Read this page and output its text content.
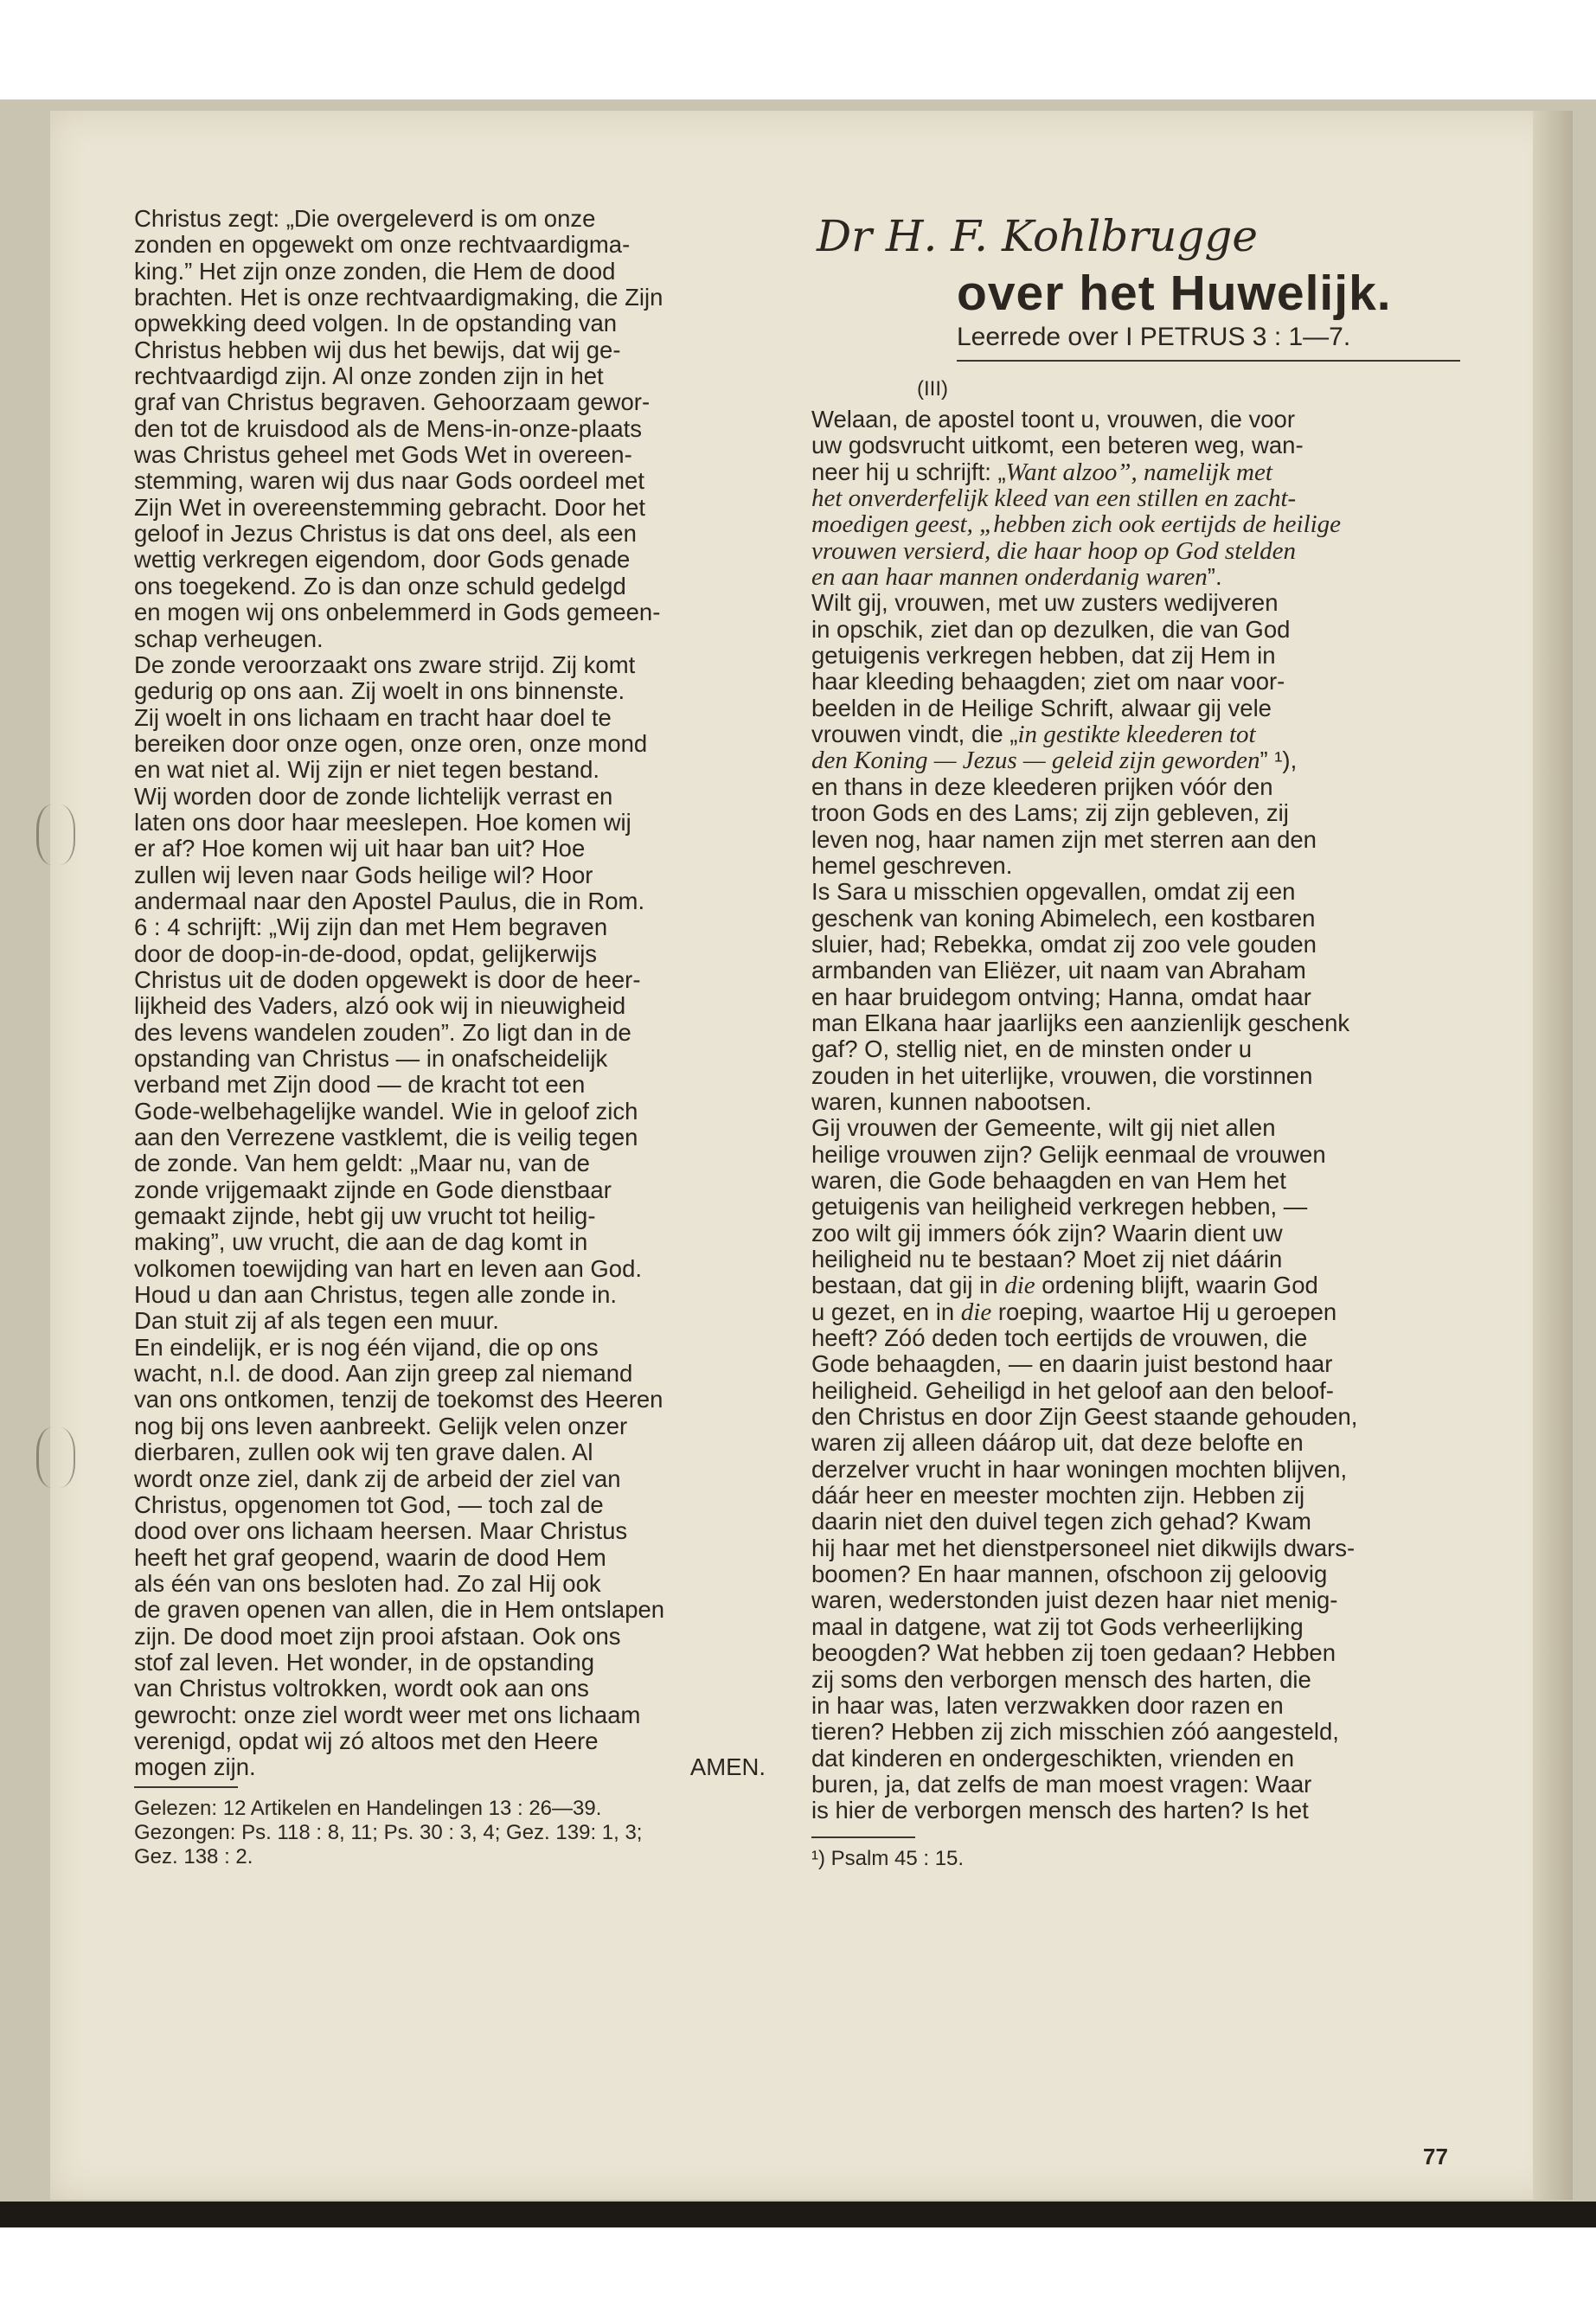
Christus zegt: „Die overgeleverd is om onze
zonden en opgewekt om onze rechtvaardigma-
king.” Het zijn onze zonden, die Hem de dood
brachten. Het is onze rechtvaardigmaking, die Zijn
opwekking deed volgen. In de opstanding van
Christus hebben wij dus het bewijs, dat wij ge-
rechtvaardigd zijn. Al onze zonden zijn in het
graf van Christus begraven. Gehoorzaam gewor-
den tot de kruisdood als de Mens-in-onze-plaats
was Christus geheel met Gods Wet in overeen-
stemming, waren wij dus naar Gods oordeel met
Zijn Wet in overeenstemming gebracht. Door het
geloof in Jezus Christus is dat ons deel, als een
wettig verkregen eigendom, door Gods genade
ons toegekend. Zo is dan onze schuld gedelgd
en mogen wij ons onbelemmerd in Gods gemeen-
schap verheugen.
De zonde veroorzaakt ons zware strijd. Zij komt
gedurig op ons aan. Zij woelt in ons binnenste.
Zij woelt in ons lichaam en tracht haar doel te
bereiken door onze ogen, onze oren, onze mond
en wat niet al. Wij zijn er niet tegen bestand.
Wij worden door de zonde lichtelijk verrast en
laten ons door haar meeslepen. Hoe komen wij
er af? Hoe komen wij uit haar ban uit? Hoe
zullen wij leven naar Gods heilige wil? Hoor
andermaal naar den Apostel Paulus, die in Rom.
6 : 4 schrijft: „Wij zijn dan met Hem begraven
door de doop-in-de-dood, opdat, gelijkerwijs
Christus uit de doden opgewekt is door de heer-
lijkheid des Vaders, alzó ook wij in nieuwigheid
des levens wandelen zouden”. Zo ligt dan in de
opstanding van Christus — in onafscheidelijk
verband met Zijn dood — de kracht tot een
Gode-welbehagelijke wandel. Wie in geloof zich
aan den Verrezene vastklemt, die is veilig tegen
de zonde. Van hem geldt: „Maar nu, van de
zonde vrijgemaakt zijnde en Gode dienstbaar
gemaakt zijnde, hebt gij uw vrucht tot heilig-
making”, uw vrucht, die aan de dag komt in
volkomen toewijding van hart en leven aan God.
Houd u dan aan Christus, tegen alle zonde in.
Dan stuit zij af als tegen een muur.
En eindelijk, er is nog één vijand, die op ons
wacht, n.l. de dood. Aan zijn greep zal niemand
van ons ontkomen, tenzij de toekomst des Heeren
nog bij ons leven aanbreekt. Gelijk velen onzer
dierbaren, zullen ook wij ten grave dalen. Al
wordt onze ziel, dank zij de arbeid der ziel van
Christus, opgenomen tot God, — toch zal de
dood over ons lichaam heersen. Maar Christus
heeft het graf geopend, waarin de dood Hem
als één van ons besloten had. Zo zal Hij ook
de graven openen van allen, die in Hem ontslapen
zijn. De dood moet zijn prooi afstaan. Ook ons
stof zal leven. Het wonder, in de opstanding
van Christus voltrokken, wordt ook aan ons
gewrocht: onze ziel wordt weer met ons lichaam
verenigd, opdat wij zó altoos met den Heere
mogen zijn.	AMEN.
Gelezen: 12 Artikelen en Handelingen 13 : 26—39.
Gezongen: Ps. 118 : 8, 11; Ps. 30 : 3, 4; Gez. 139: 1, 3;
Gez. 138 : 2.
Dr H. F. Kohlbrugge
over het Huwelijk.
Leerrede over I PETRUS 3 : 1—7.
(III)
Welaan, de apostel toont u, vrouwen, die voor
uw godsvrucht uitkomt, een beteren weg, wan-
neer hij u schrijft: „Want alzoo”, namelijk met
het onverderfelijk kleed van een stillen en zacht-
moedigen geest, „hebben zich ook eertijds de heilige
vrouwen versierd, die haar hoop op God stelden
en aan haar mannen onderdanig waren”.
Wilt gij, vrouwen, met uw zusters wedijveren
in opschik, ziet dan op dezulken, die van God
getuigenis verkregen hebben, dat zij Hem in
haar kleeding behaagden; ziet om naar voor-
beelden in de Heilige Schrift, alwaar gij vele
vrouwen vindt, die „in gestikte kleederen tot
den Koning — Jezus — geleid zijn geworden” ¹),
en thans in deze kleederen prijken vóór den
troon Gods en des Lams; zij zijn gebleven, zij
leven nog, haar namen zijn met sterren aan den
hemel geschreven.
Is Sara u misschien opgevallen, omdat zij een
geschenk van koning Abimelech, een kostbaren
sluier, had; Rebekka, omdat zij zoo vele gouden
armbanden van Eliëzer, uit naam van Abraham
en haar bruidegom ontving; Hanna, omdat haar
man Elkana haar jaarlijks een aanzienlijk geschenk
gaf? O, stellig niet, en de minsten onder u
zouden in het uiterlijke, vrouwen, die vorstinnen
waren, kunnen nabootsen.
Gij vrouwen der Gemeente, wilt gij niet allen
heilige vrouwen zijn? Gelijk eenmaal de vrouwen
waren, die Gode behaagden en van Hem het
getuigenis van heiligheid verkregen hebben, —
zoo wilt gij immers óók zijn? Waarin dient uw
heiligheid nu te bestaan? Moet zij niet dáárin
bestaan, dat gij in die ordening blijft, waarin God
u gezet, en in die roeping, waartoe Hij u geroepen
heeft? Zóó deden toch eertijds de vrouwen, die
Gode behaagden, — en daarin juist bestond haar
heiligheid. Geheiligd in het geloof aan den beloof-
den Christus en door Zijn Geest staande gehouden,
waren zij alleen dáárop uit, dat deze belofte en
derzelver vrucht in haar woningen mochten blijven,
dáár heer en meester mochten zijn. Hebben zij
daarin niet den duivel tegen zich gehad? Kwam
hij haar met het dienstpersoneel niet dikwijls dwars-
boomen? En haar mannen, ofschoon zij geloovig
waren, wederstonden juist dezen haar niet menig-
maal in datgene, wat zij tot Gods verheerlijking
beoogden? Wat hebben zij toen gedaan? Hebben
zij soms den verborgen mensch des harten, die
in haar was, laten verzwakken door razen en
tieren? Hebben zij zich misschien zóó aangesteld,
dat kinderen en ondergeschikten, vrienden en
buren, ja, dat zelfs de man moest vragen: Waar
is hier de verborgen mensch des harten? Is het
¹) Psalm 45 : 15.
77
